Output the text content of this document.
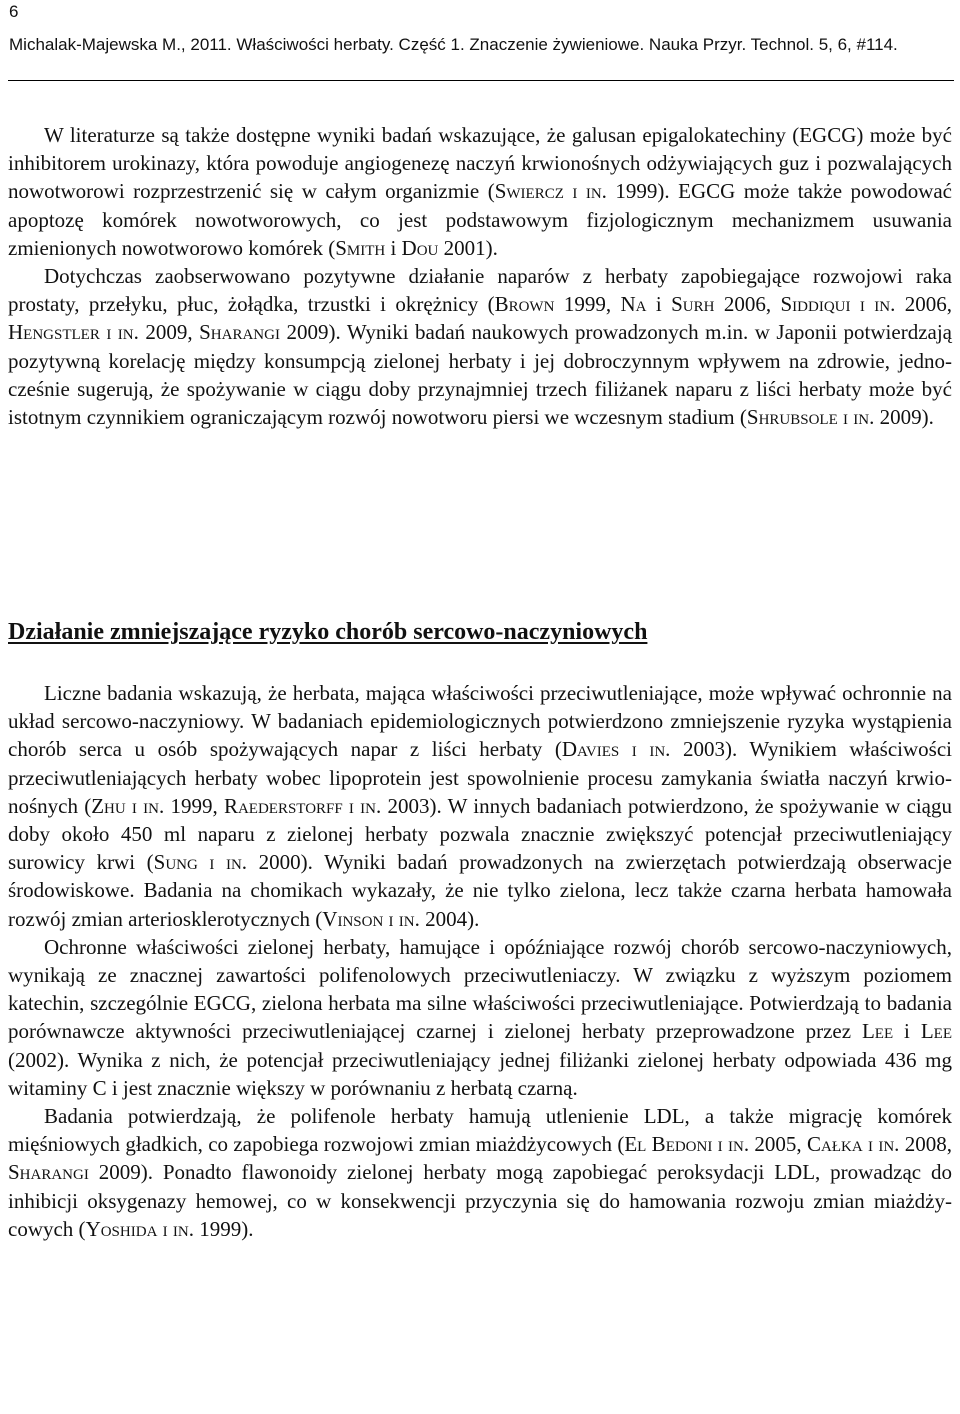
6
Michalak-Majewska M., 2011. Właściwości herbaty. Część 1. Znaczenie żywieniowe. Nauka Przyr. Technol. 5, 6, #114.

W literaturze są także dostępne wyniki badań wskazujące, że galusan epigalokatechiny (EGCG) może być inhibitorem urokinazy, która powoduje angiogenezę naczyń krwionośnych odżywiających guz i pozwalających nowotworowi rozprzestrzenić się w całym organizmie (Swiercz i in. 1999). EGCG może także powodować apoptozę komórek nowotworowych, co jest podstawowym fizjologicznym mechanizmem usuwania zmienionych nowotworowo komórek (Smith i Dou 2001).

Dotychczas zaobserwowano pozytywne działanie naparów z herbaty zapobiegające rozwojowi raka prostaty, przełyku, płuc, żołądka, trzustki i okrężnicy (Brown 1999, Na i Surh 2006, Siddiqui i in. 2006, Hengstler i in. 2009, Sharangi 2009). Wyniki badań naukowych prowadzonych m.in. w Japonii potwierdzają pozytywną korelację między konsumpcją zielonej herbaty i jej dobroczynnym wpływem na zdrowie, jednocześnie sugerują, że spożywanie w ciągu doby przynajmniej trzech filiżanek naparu z liści herbaty może być istotnym czynnikiem ograniczającym rozwój nowotworu piersi we wczesnym stadium (Shrubsole i in. 2009).

Działanie zmniejszające ryzyko chorób sercowo-naczyniowych

Liczne badania wskazują, że herbata, mająca właściwości przeciwutleniające, może wpływać ochronnie na układ sercowo-naczyniowy. W badaniach epidemiologicznych potwierdzono zmniejszenie ryzyka wystąpienia chorób serca u osób spożywających napar z liści herbaty (Davies i in. 2003). Wynikiem właściwości przeciwutleniających herbaty wobec lipoprotein jest spowolnienie procesu zamykania światła naczyń krwionośnych (Zhu i in. 1999, Raederstorff i in. 2003). W innych badaniach potwierdzono, że spożywanie w ciągu doby około 450 ml naparu z zielonej herbaty pozwala znacznie zwiększyć potencjał przeciwutleniający surowicy krwi (Sung i in. 2000). Wyniki badań prowadzonych na zwierzętach potwierdzają obserwacje środowiskowe. Badania na chomikach wykazały, że nie tylko zielona, lecz także czarna herbata hamowała rozwój zmian arteriosklerotycznych (Vinson i in. 2004).

Ochronne właściwości zielonej herbaty, hamujące i opóźniające rozwój chorób sercowo-naczyniowych, wynikają ze znacznej zawartości polifenolowych przeciwutleniaczy. W związku z wyższym poziomem katechin, szczególnie EGCG, zielona herbata ma silne właściwości przeciwutleniające. Potwierdzają to badania porównawcze aktywności przeciwutleniającej czarnej i zielonej herbaty przeprowadzone przez Lee i Lee (2002). Wynika z nich, że potencjał przeciwutleniający jednej filiżanki zielonej herbaty odpowiada 436 mg witaminy C i jest znacznie większy w porównaniu z herbatą czarną.

Badania potwierdzają, że polifenole herbaty hamują utlenienie LDL, a także migrację komórek mięśniowych gładkich, co zapobiega rozwojowi zmian miażdżycowych (El Bedoni i in. 2005, Całka i in. 2008, Sharangi 2009). Ponadto flawonoidy zielonej herbaty mogą zapobiegać peroksydacji LDL, prowadząc do inhibicji oksygenazy hemowej, co w konsekwencji przyczynia się do hamowania rozwoju zmian miażdżycowych (Yoshida i in. 1999).
